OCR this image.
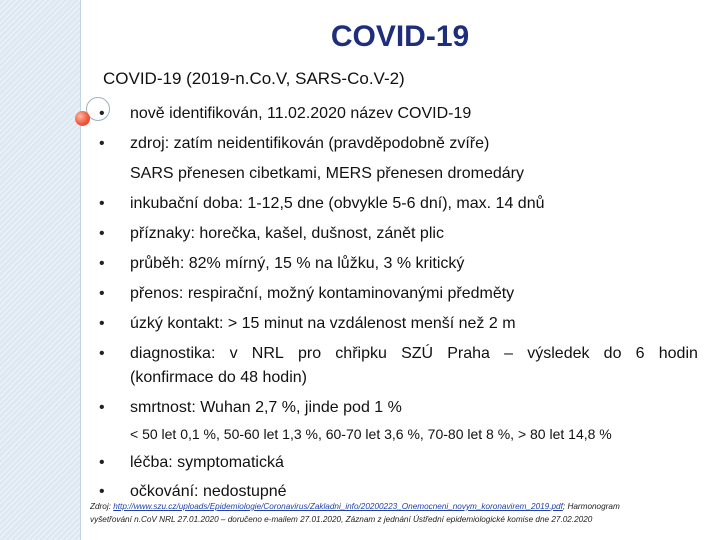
COVID-19
COVID-19 (2019-n.Co.V, SARS-Co.V-2)
•
•
•
•
•
•
•
•
•
•
•
nově identifikován, 11.02.2020 název COVID-19
zdroj: zatím neidentifikován (pravděpodobně zvíře)
SARS přenesen cibetkami, MERS přenesen dromedáry
inkubační doba: 1-12,5 dne (obvykle 5-6 dní), max. 14 dnů
příznaky: horečka, kašel, dušnost, zánět plic
průběh: 82% mírný, 15 % na lůžku, 3 % kritický
přenos: respirační, možný kontaminovanými předměty
úzký kontakt: > 15 minut na vzdálenost menší než 2 m
diagnostika: v NRL pro chřipku SZÚ Praha – výsledek do 6 hodin
(konfirmace do 48 hodin)
smrtnost: Wuhan 2,7 %, jinde pod 1 %
< 50 let 0,1 %, 50-60 let 1,3 %, 60-70 let 3,6 %, 70-80 let 8 %, > 80 let 14,8 %
léčba: symptomatická
očkování: nedostupné
Zdroj: http://www.szu.cz/uploads/Epidemiologie/Coronavirus/Zakladni_info/20200223_Onemocneni_novym_koronavirem_2019.pdf; Harmonogram
vyšetřování n.CoV NRL 27.01.2020 – doručeno e-mailem 27.01.2020, Záznam z jednání Ústřední epidemiologické komise dne 27.02.2020
